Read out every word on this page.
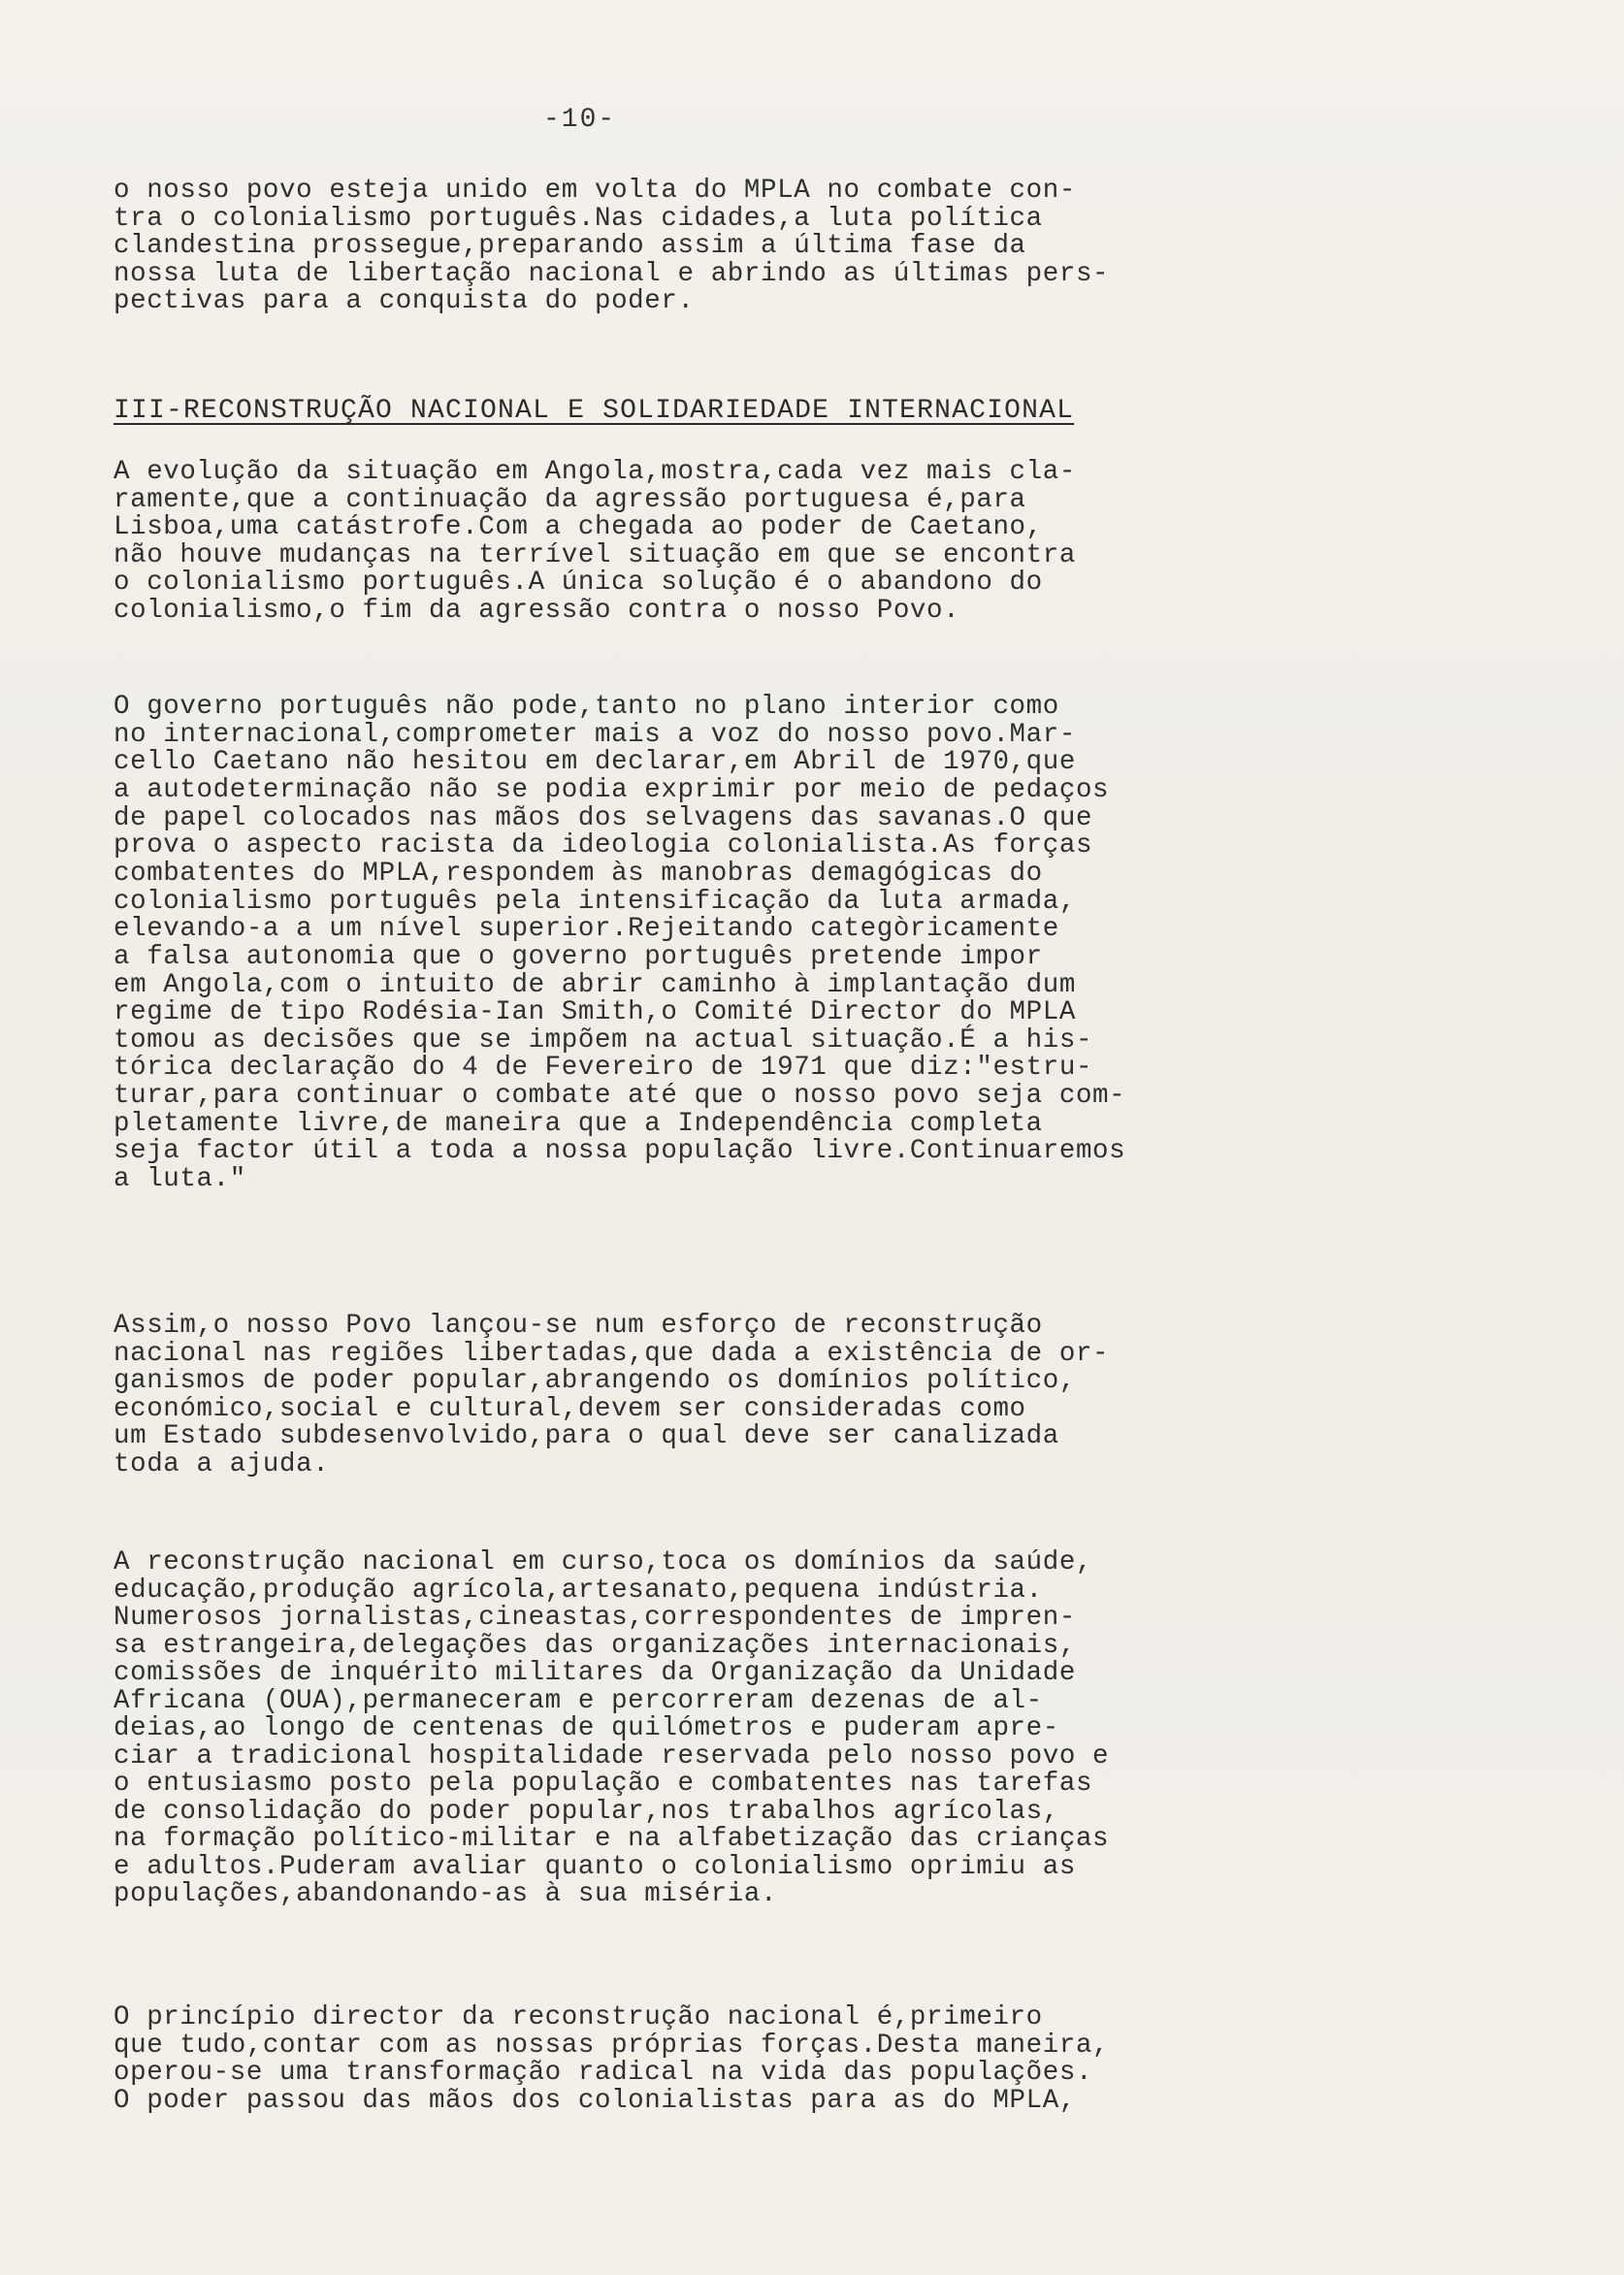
-10-
o nosso povo esteja unido em volta do MPLA no combate con-
tra o colonialismo português.Nas cidades,a luta política
clandestina prossegue,preparando assim a última fase da
nossa luta de libertação nacional e abrindo as últimas pers-
pectivas para a conquista do poder.
III-RECONSTRUÇÃO NACIONAL E SOLIDARIEDADE INTERNACIONAL
A evolução da situação em Angola,mostra,cada vez mais cla-
ramente,que a continuação da agressão portuguesa é,para
Lisboa,uma catástrofe.Com a chegada ao poder de Caetano,
não houve mudanças na terrível situação em que se encontra
o colonialismo português.A única solução é o abandono do
colonialismo,o fim da agressão contra o nosso Povo.
O governo português não pode,tanto no plano interior como
no internacional,comprometer mais a voz do nosso povo.Mar-
cello Caetano não hesitou em declarar,em Abril de 1970,que
a autodeterminação não se podia exprimir por meio de pedaços
de papel colocados nas mãos dos selvagens das savanas.O que
prova o aspecto racista da ideologia colonialista.As forças
combatentes do MPLA,respondem às manobras demagógicas do
colonialismo português pela intensificação da luta armada,
elevando-a a um nível superior.Rejeitando categòricamente
a falsa autonomia que o governo português pretende impor
em Angola,com o intuito de abrir caminho à implantação dum
regime de tipo Rodésia-Ian Smith,o Comité Director do MPLA
tomou as decisões que se impõem na actual situação.É a his-
tórica declaração do 4 de Fevereiro de 1971 que diz:"estru-
turar,para continuar o combate até que o nosso povo seja com-
pletamente livre,de maneira que a Independência completa
seja factor útil a toda a nossa população livre.Continuaremos
a luta."
Assim,o nosso Povo lançou-se num esforço de reconstrução
nacional nas regiões libertadas,que dada a existência de or-
ganismos de poder popular,abrangendo os domínios político,
económico,social e cultural,devem ser consideradas como
um Estado subdesenvolvido,para o qual deve ser canalizada
toda a ajuda.
A reconstrução nacional em curso,toca os domínios da saúde,
educação,produção agrícola,artesanato,pequena indústria.
Numerosos jornalistas,cineastas,correspondentes de impren-
sa estrangeira,delegações das organizações internacionais,
comissões de inquérito militares da Organização da Unidade
Africana (OUA),permaneceram e percorreram dezenas de al-
deias,ao longo de centenas de quilómetros e puderam apre-
ciar a tradicional hospitalidade reservada pelo nosso povo e
o entusiasmo posto pela população e combatentes nas tarefas
de consolidação do poder popular,nos trabalhos agrícolas,
na formação político-militar e na alfabetização das crianças
e adultos.Puderam avaliar quanto o colonialismo oprimiu as
populações,abandonando-as à sua miséria.
O princípio director da reconstrução nacional é,primeiro
que tudo,contar com as nossas próprias forças.Desta maneira,
operou-se uma transformação radical na vida das populações.
O poder passou das mãos dos colonialistas para as do MPLA,
